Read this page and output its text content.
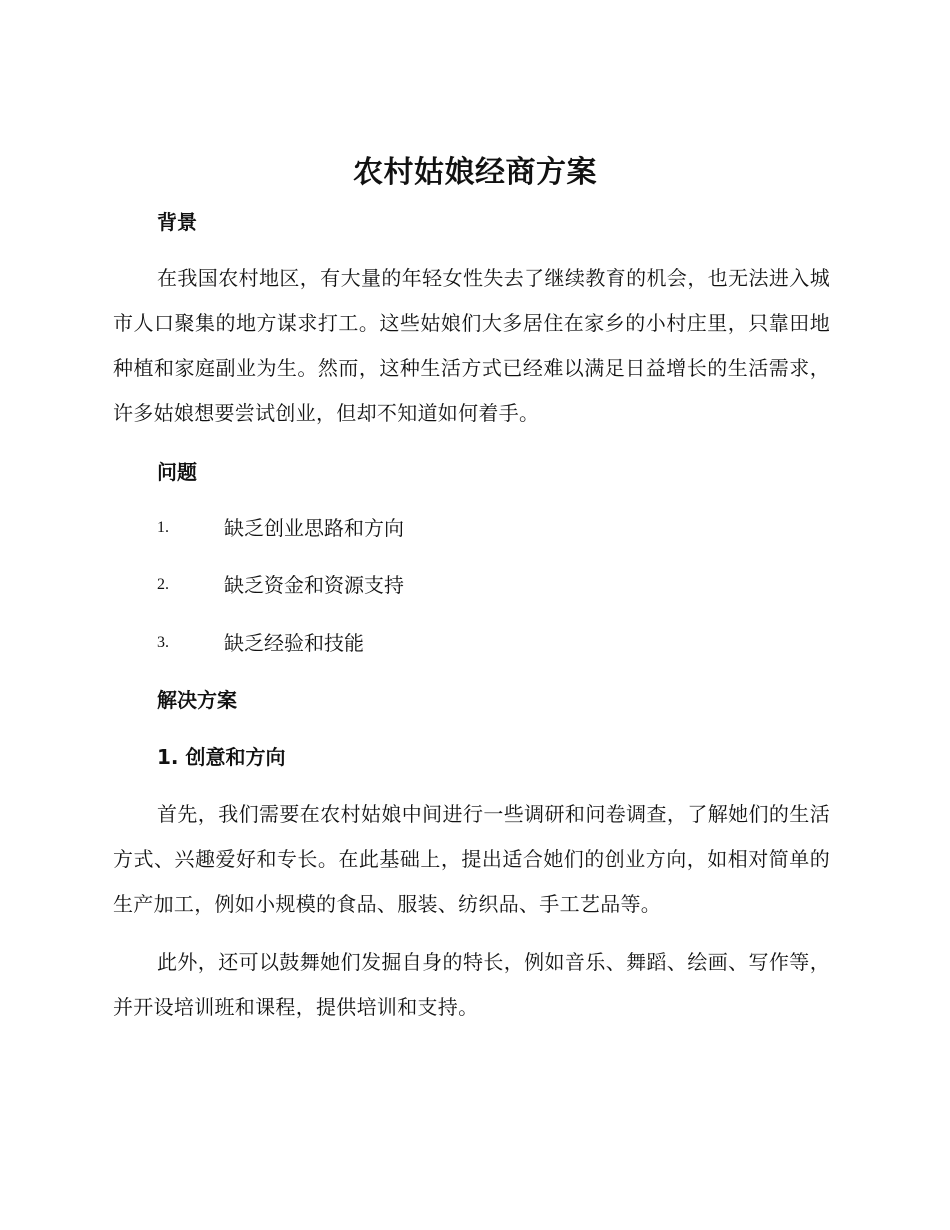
农村姑娘经商方案
背景
在我国农村地区，有大量的年轻女性失去了继续教育的机会，也无法进入城市人口聚集的地方谋求打工。这些姑娘们大多居住在家乡的小村庄里，只靠田地种植和家庭副业为生。然而，这种生活方式已经难以满足日益增长的生活需求，许多姑娘想要尝试创业，但却不知道如何着手。
问题
1.	缺乏创业思路和方向
2.	缺乏资金和资源支持
3.	缺乏经验和技能
解决方案
1. 创意和方向
首先，我们需要在农村姑娘中间进行一些调研和问卷调查，了解她们的生活方式、兴趣爱好和专长。在此基础上，提出适合她们的创业方向，如相对简单的生产加工，例如小规模的食品、服装、纺织品、手工艺品等。
此外，还可以鼓舞她们发掘自身的特长，例如音乐、舞蹈、绘画、写作等，并开设培训班和课程，提供培训和支持。
